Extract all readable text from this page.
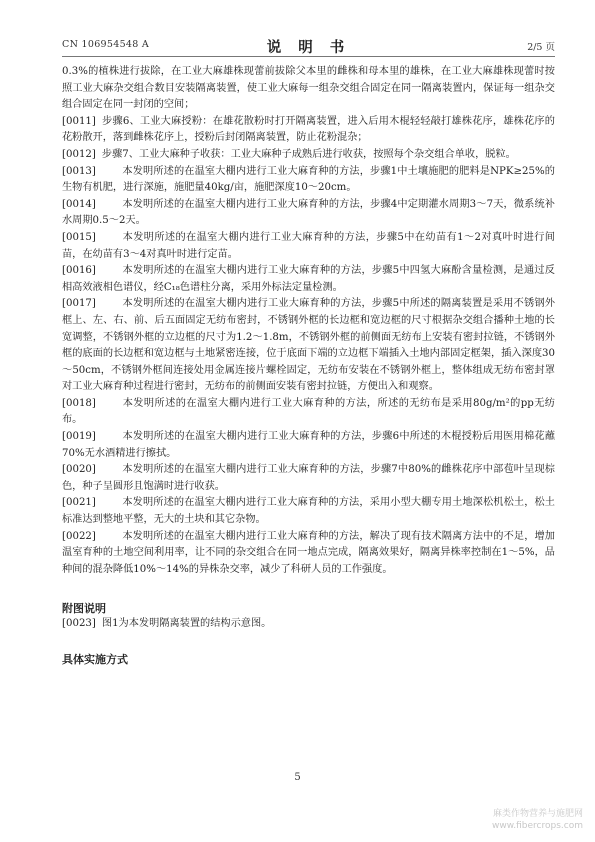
CN 106954548 A	说 明 书	2/5 页

0.3%的植株进行拔除，在工业大麻雄株现蕾前拔除父本里的雌株和母本里的雄株，在工业大麻雄株现蕾时按照工业大麻杂交组合数目安装隔离装置，使工业大麻每一组杂交组合固定在同一隔离装置内，保证每一组杂交组合固定在同一封闭的空间；

[0011] 步骤6、工业大麻授粉：在雄花散粉时打开隔离装置，进入后用木棍轻轻敲打雄株花序，雄株花序的花粉散开，落到雌株花序上，授粉后封闭隔离装置，防止花粉混杂；

[0012] 步骤7、工业大麻种子收获：工业大麻种子成熟后进行收获，按照每个杂交组合单收，脱粒。

[0013]  	本发明所述的在温室大棚内进行工业大麻育种的方法，步骤1中土壤施肥的肥料是NPK≥25%的生物有机肥，进行深施，施肥量40kg/亩，施肥深度10～20cm。

[0014]  	本发明所述的在温室大棚内进行工业大麻育种的方法，步骤4中定期灌水周期3～7天，微系统补水周期0.5～2天。

[0015]  	本发明所述的在温室大棚内进行工业大麻育种的方法，步骤5中在幼苗有1～2对真叶时进行间苗，在幼苗有3～4对真叶时进行定苗。

[0016]  	本发明所述的在温室大棚内进行工业大麻育种的方法，步骤5中四氢大麻酚含量检测，是通过反相高效液相色谱仪，经C₁₈色谱柱分离，采用外标法定量检测。

[0017]  	本发明所述的在温室大棚内进行工业大麻育种的方法，步骤5中所述的隔离装置是采用不锈钢外框上、左、右、前、后五面固定无纺布密封，不锈钢外框的长边框和宽边框的尺寸根据杂交组合播种土地的长宽调整，不锈钢外框的立边框的尺寸为1.2～1.8m，不锈钢外框的前侧面无纺布上安装有密封拉链，不锈钢外框的底面的长边框和宽边框与土地紧密连接，位于底面下端的立边框下端插入土地内部固定框架，插入深度30～50cm，不锈钢外框间连接处用金属连接片螺栓固定，无纺布安装在不锈钢外框上，整体组成无纺布密封罩对工业大麻育种过程进行密封，无纺布的前侧面安装有密封拉链，方便出入和观察。

[0018]  	本发明所述的在温室大棚内进行工业大麻育种的方法，所述的无纺布是采用80g/m²的pp无纺布。

[0019]  	本发明所述的在温室大棚内进行工业大麻育种的方法，步骤6中所述的木棍授粉后用医用棉花蘸70%无水酒精进行擦拭。

[0020]  	本发明所述的在温室大棚内进行工业大麻育种的方法，步骤7中80%的雌株花序中部苞叶呈现棕色，种子呈圆形且饱满时进行收获。

[0021]  	本发明所述的在温室大棚内进行工业大麻育种的方法，采用小型大棚专用土地深松机松土，松土标准达到整地平整，无大的土块和其它杂物。

[0022]  	本发明所述的在温室大棚内进行工业大麻育种的方法，解决了现有技术隔离方法中的不足，增加温室育种的土地空间利用率，让不同的杂交组合在同一地点完成，隔离效果好，隔离异株率控制在1～5%，品种间的混杂降低10%～14%的异株杂交率，减少了科研人员的工作强度。

附图说明

[0023] 图1为本发明隔离装置的结构示意图。

具体实施方式

5
麻类作物营养与施肥网
www.fibercrops.com
